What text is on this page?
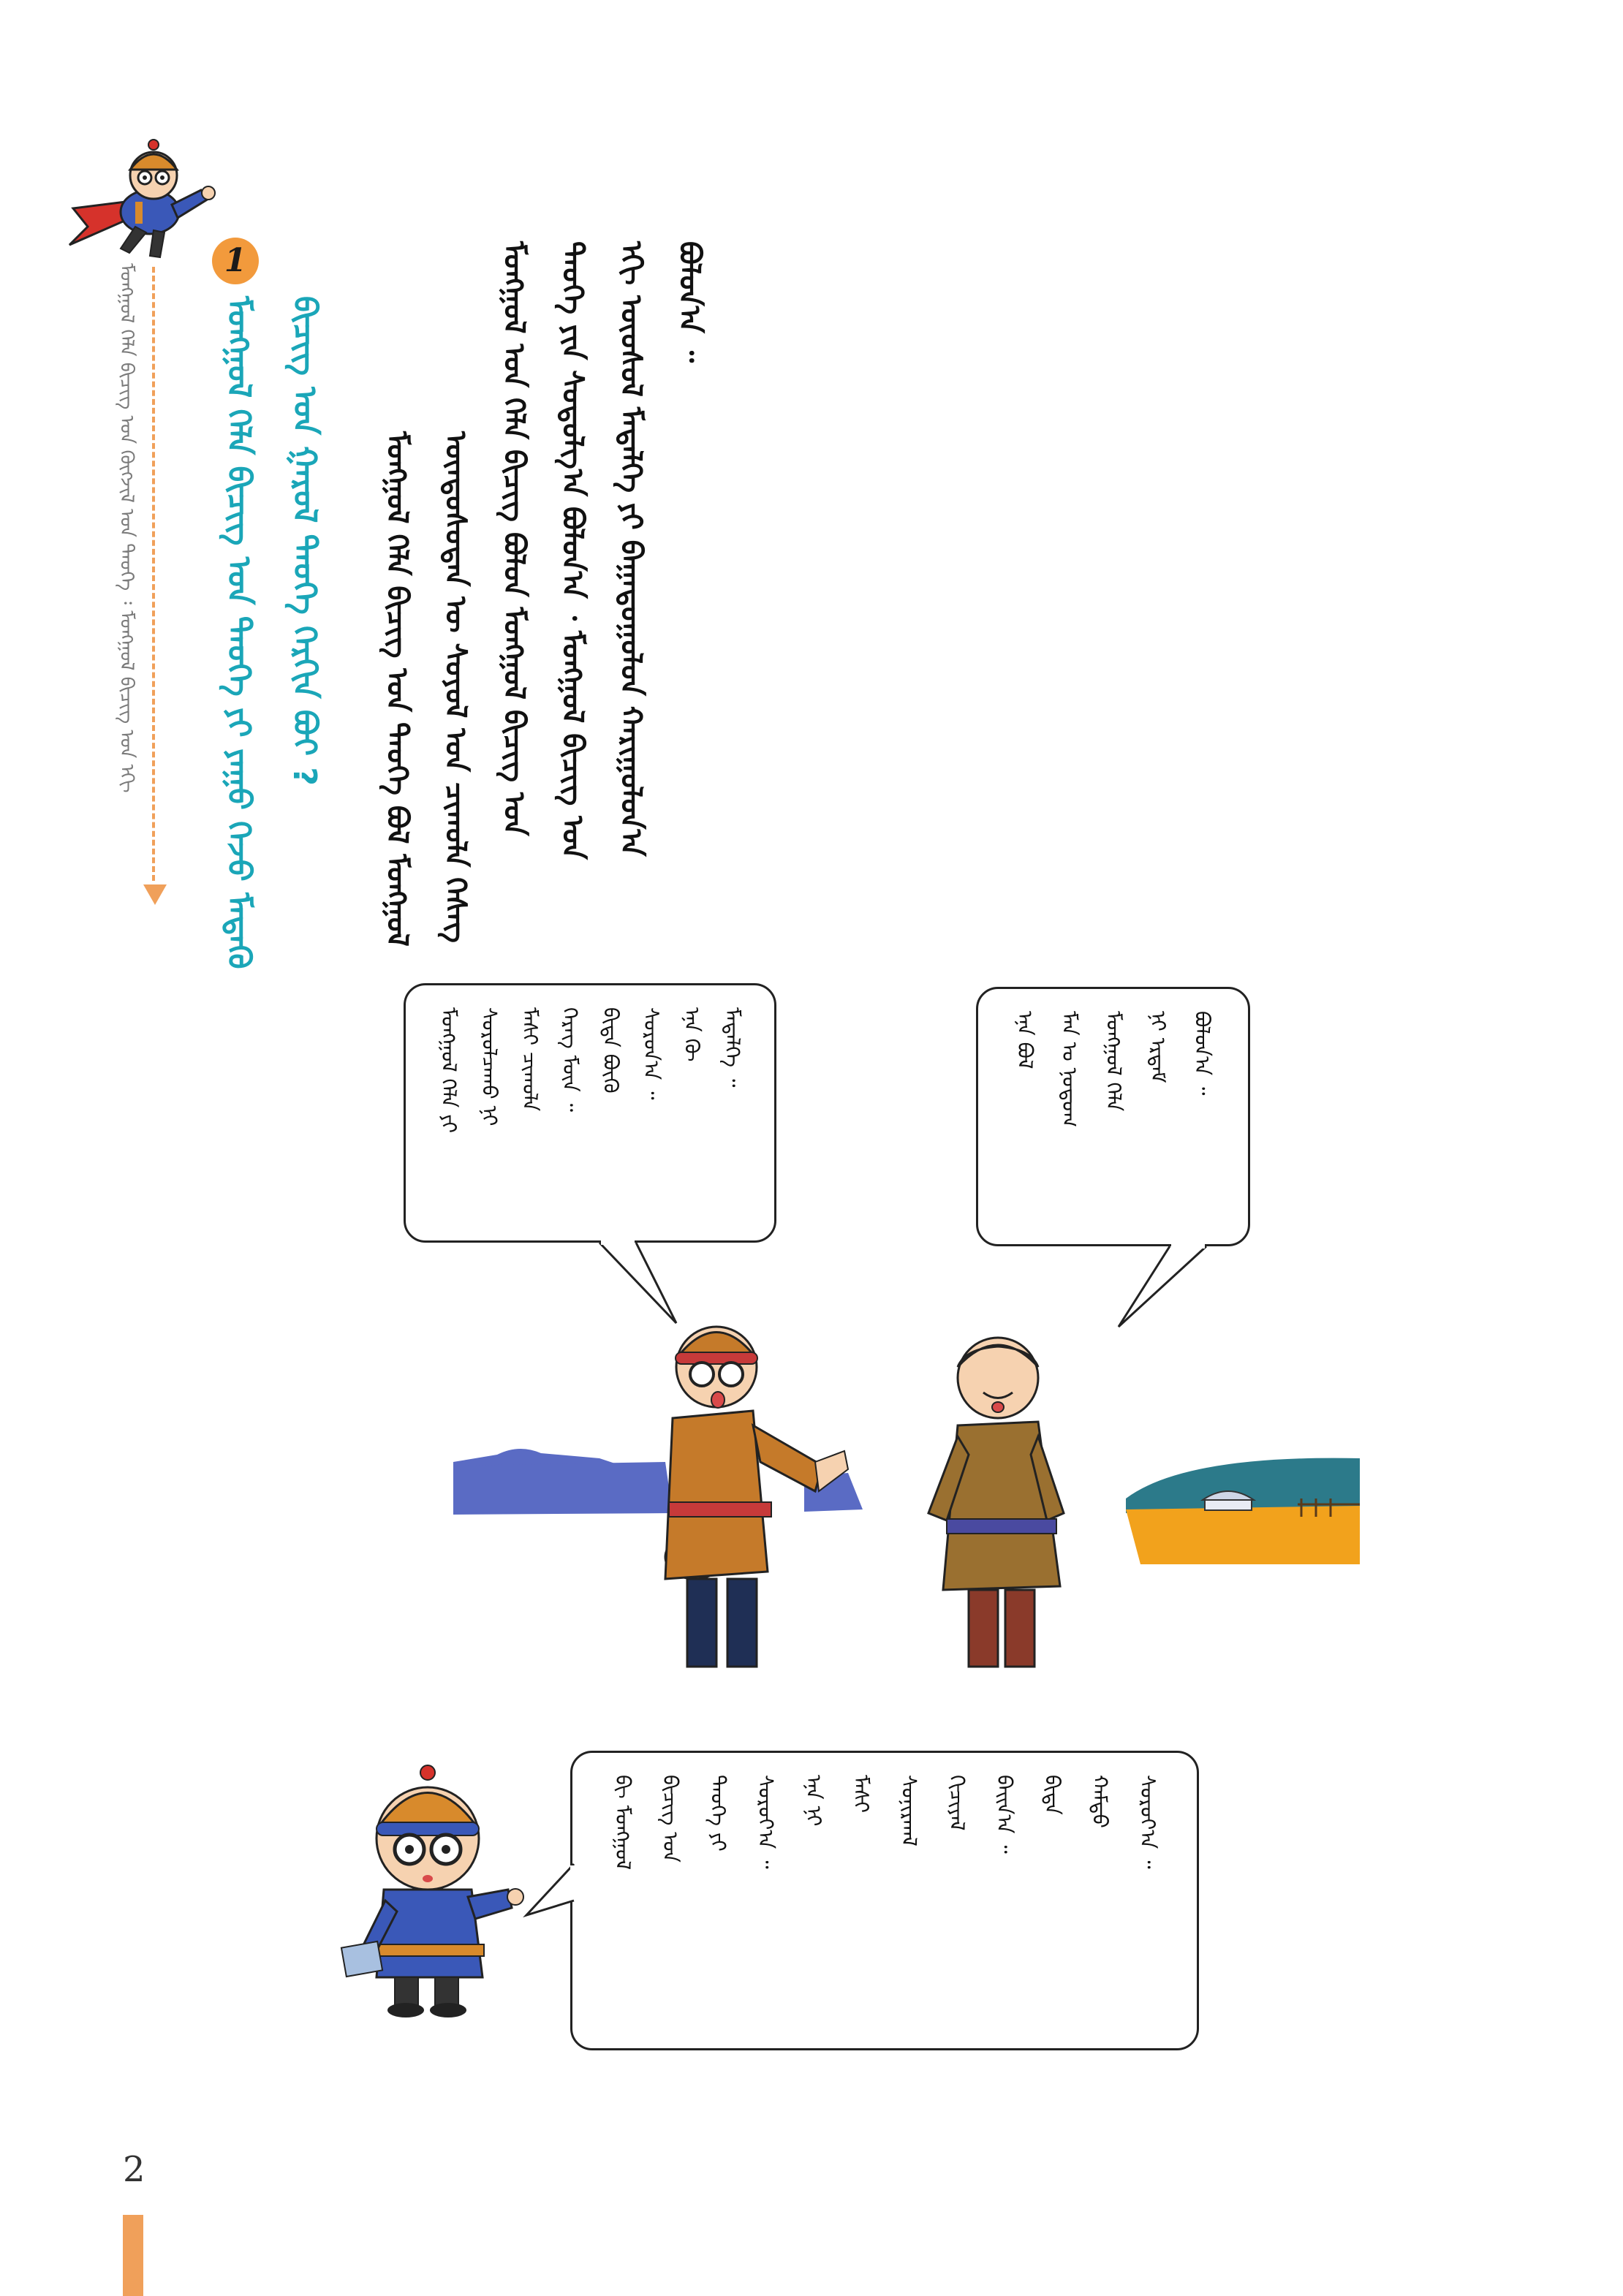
ᠮᠣᠩᠭᠣᠯ ᠬᠡᠯᠡ ᠪᠢᠴᠢᠭ᠌ ᠤᠨ ᠬᠥᠭᠵᠢᠯ ᠤᠨ ᠲᠡᠦᠬᠡ ᠄ ᠮᠣᠩᠭᠣᠯ ᠪᠢᠴᠢᠭ᠌ ᠤᠨ ᠡᠬᠢ
1
ᠮᠣᠩᠭᠣᠯ ᠬᠡᠯᠡ ᠪᠢᠴᠢᠭ᠌ ᠤᠨ ᠲᠡᠦᠬᠡ ᠶᠢ ᠶᠠᠭᠤ ᠭᠡᠵᠦ ᠮᠡᠳᠡᠬᠦ ᠪᠢᠴᠢᠭ᠌ ᠤᠨ ᠭᠠᠷᠤᠯ ᠲᠡᠦᠬᠡ ᠬᠡᠷᠬᠢᠨ ᠪᠣᠢ ?	ᠮᠣᠩᠭᠣᠯ ᠬᠡᠯᠡ ᠪᠢᠴᠢᠭ᠌ ᠤᠨ ᠲᠡᠦᠬᠡ ᠪᠣᠯ ᠮᠣᠩᠭᠣᠯ ᠦᠨᠳᠦᠰᠦᠲᠡᠨ ᠦ ᠰᠣᠶᠣᠯ ᠤᠨ ᠴᠢᠬᠤᠯᠠ ᠬᠡᠰᠡᠭ ᠮᠣᠩᠭᠣᠯ ᠤᠨ ᠬᠡᠯᠡ ᠪᠢᠴᠢᠭ ᠪᠣᠯᠤᠨ ᠮᠣᠩᠭᠣᠯ ᠪᠢᠴᠢᠭ᠌ ᠤᠨ ᠲᠡᠦᠬᠡ ᠶᠢᠨ ᠰᠤᠳᠤᠯᠭ᠎ᠠ ᠪᠣᠯᠤᠨ᠎ᠠ ᠂ ᠮᠣᠩᠭᠣᠯ ᠪᠢᠴᠢᠭ᠌ ᠤᠨ ᠡᠬᠢ ᠦᠦᠰᠦᠯ ᠮᠡᠳᠡᠯᠭᠡ ᠶᠢ ᠪᠠᠭᠠᠳᠤᠭᠤᠯᠤᠨ ᠬᠠᠷᠢᠭᠤᠯᠤᠨ᠎ᠠ ᠪᠣᠯᠤᠨ᠎ᠠ ᠃
ᠮᠣᠩᠭᠣᠯ ᠬᠡᠯᠡ ᠶᠢ ᠰᠤᠷᠤᠯᠴᠠᠬᠤ ᠨᠢ ᠮᠠᠰᠢ ᠴᠢᠬᠤᠯᠠ ᠬᠡᠷᠡᠭ ᠮᠥᠨ ᠃ ᠪᠢᠳᠡ ᠪᠦᠬᠦ ᠰᠤᠷᠤᠨ᠎ᠠ ᠃ ᠡᠨᠡ ᠬᠦ ᠮᠡᠳᠡᠯᠭᠡ ᠃	ᠡᠨᠡ ᠪᠣᠯ ᠮᠠᠨ ᠤ ᠨᠤᠲᠤᠭ ᠮᠣᠩᠭᠣᠯ ᠬᠡᠯᠡ ᠨᠢ ᠡᠷᠳᠡᠮ ᠪᠣᠯᠤᠨ᠎ᠠ ᠃
ᠪᠢ ᠮᠣᠩᠭᠣᠯ ᠪᠢᠴᠢᠭ᠌ ᠤᠨ ᠲᠡᠦᠬᠡ ᠶᠢ ᠰᠤᠷᠤᠶ᠎ᠠ ᠃ ᠡᠨᠡ ᠨᠢ ᠮᠠᠰᠢ ᠰᠣᠨᠢᠷᠬᠠᠯ ᠬᠢᠴᠢᠶᠡᠯ ᠪᠠᠢᠨ᠎ᠠ ᠃ ᠪᠢᠳᠡ ᠬᠠᠮᠲᠤ ᠰᠤᠷᠤᠶ᠎ᠠ ᠃
2
